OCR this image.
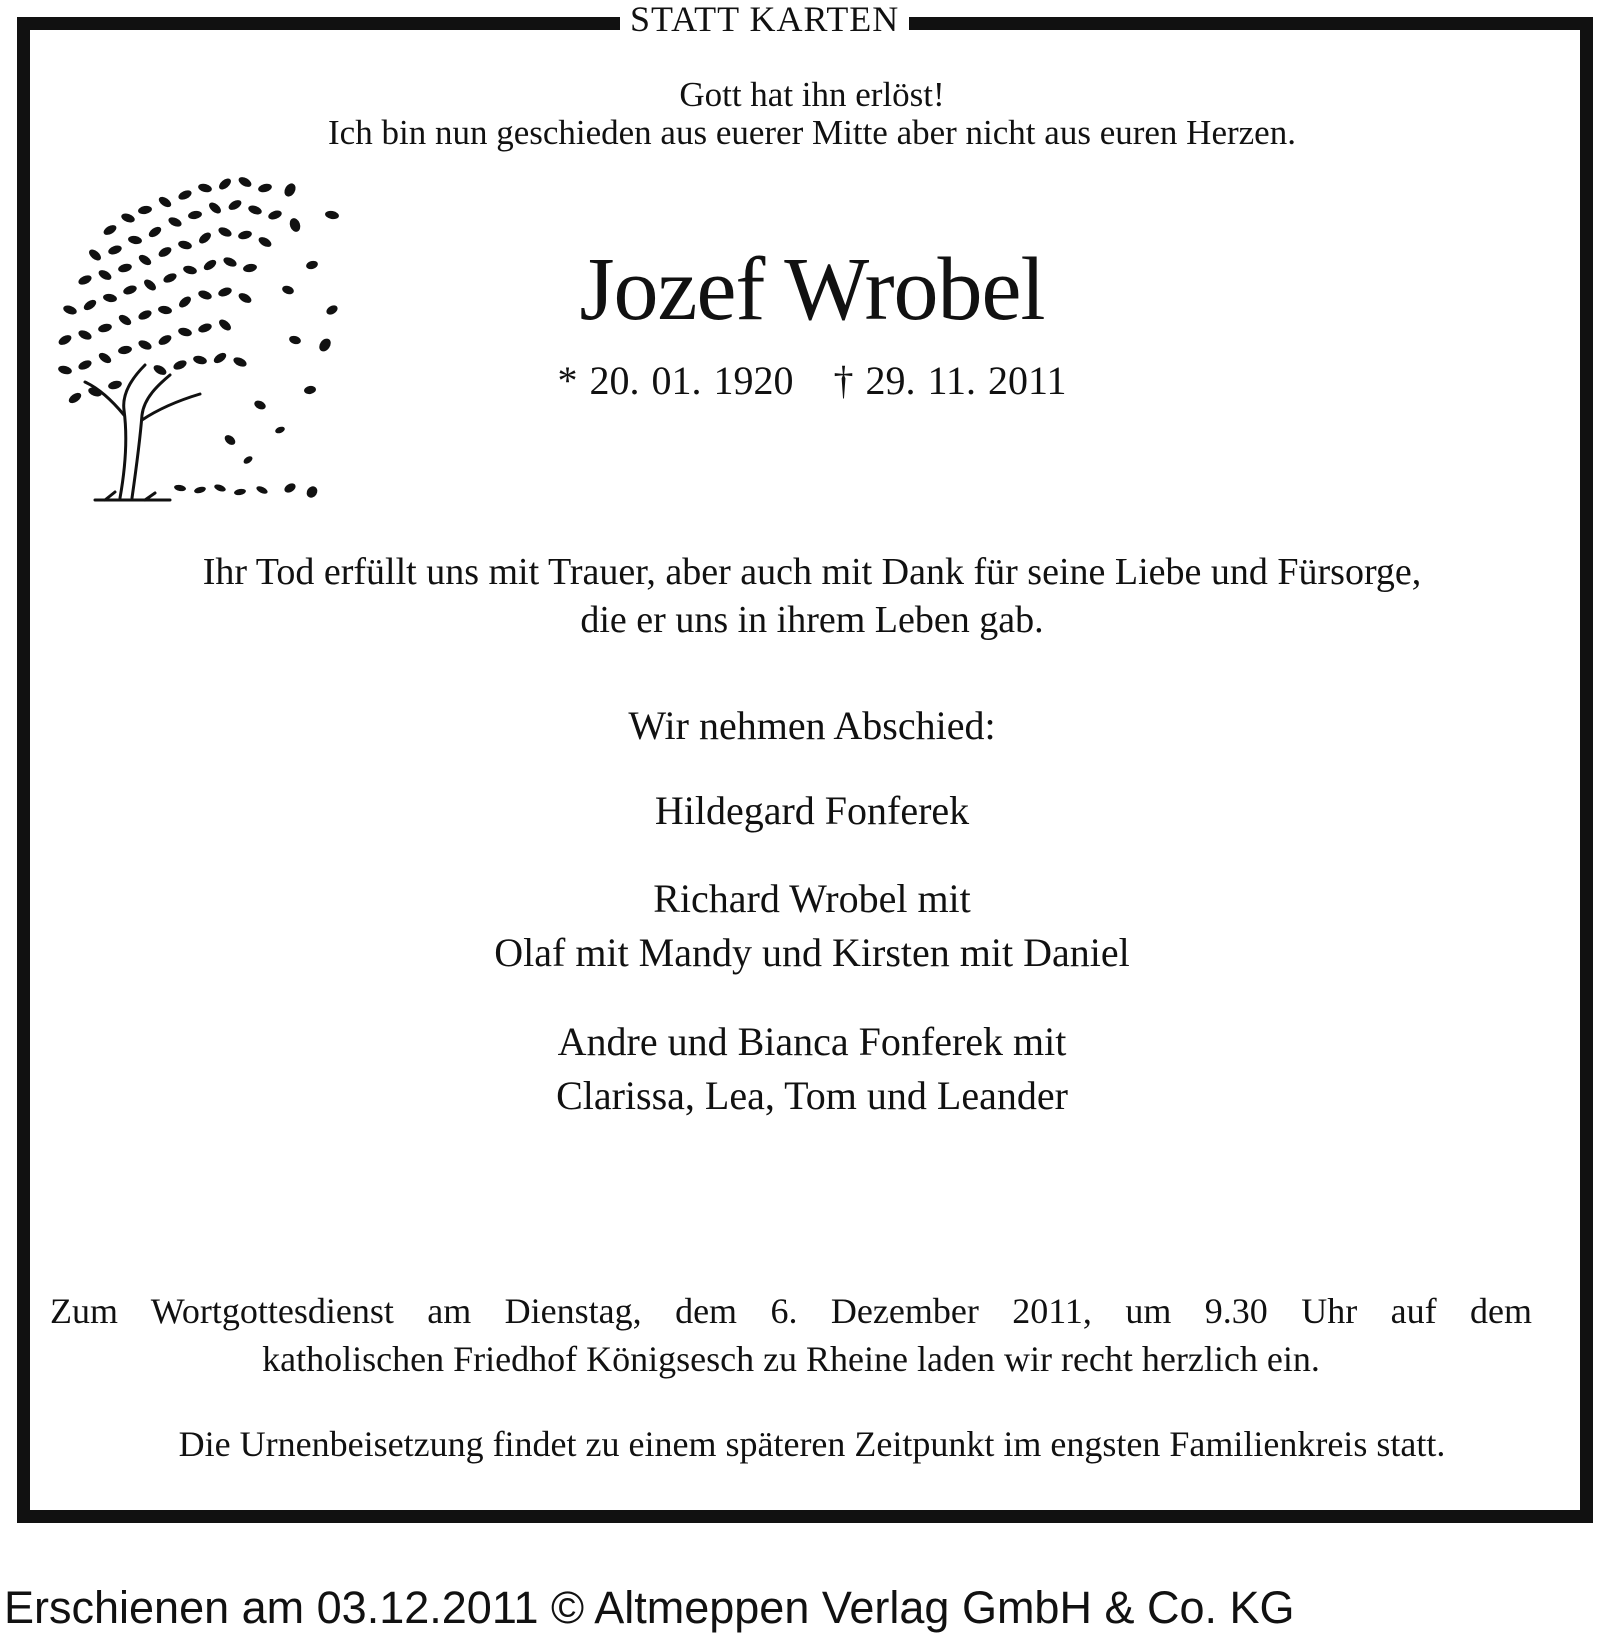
STATT KARTEN
Gott hat ihn erlöst!
Ich bin nun geschieden aus euerer Mitte aber nicht aus euren Herzen.
Jozef Wrobel
* 20. 01. 1920 † 29. 11. 2011
Ihr Tod erfüllt uns mit Trauer, aber auch mit Dank für seine Liebe und Fürsorge,
die er uns in ihrem Leben gab.
Wir nehmen Abschied:
Hildegard Fonferek
Richard Wrobel mit
Olaf mit Mandy und Kirsten mit Daniel
Andre und Bianca Fonferek mit
Clarissa, Lea, Tom und Leander
Zum Wortgottesdienst am Dienstag, dem 6. Dezember 2011, um 9.30 Uhr auf dem
katholischen Friedhof Königsesch zu Rheine laden wir recht herzlich ein.
Die Urnenbeisetzung findet zu einem späteren Zeitpunkt im engsten Familienkreis statt.
Erschienen am 03.12.2011 © Altmeppen Verlag GmbH & Co. KG
